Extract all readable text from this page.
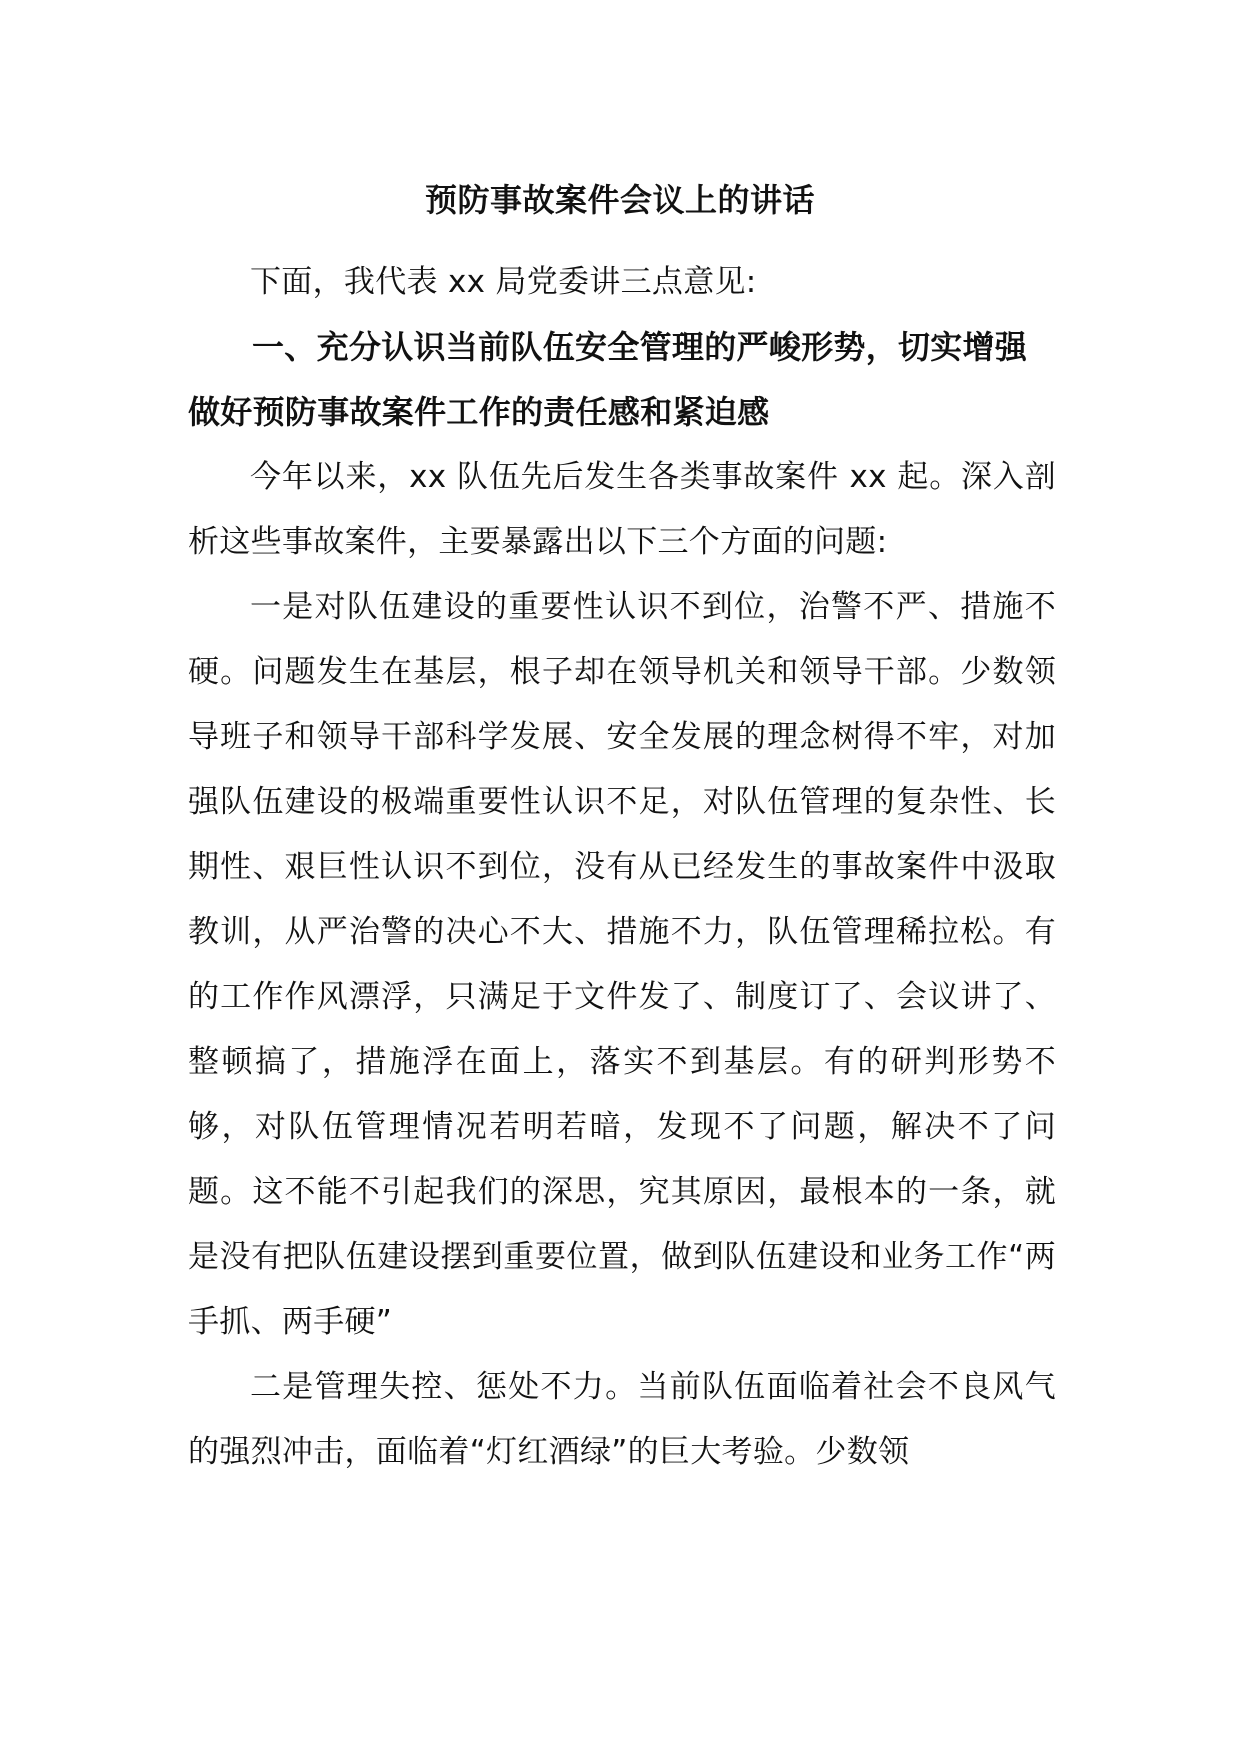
预防事故案件会议上的讲话

下面，我代表 xx 局党委讲三点意见:

一、充分认识当前队伍安全管理的严峻形势，切实增强做好预防事故案件工作的责任感和紧迫感

今年以来，xx 队伍先后发生各类事故案件 xx 起。深入剖析这些事故案件，主要暴露出以下三个方面的问题:

一是对队伍建设的重要性认识不到位，治警不严、措施不硬。问题发生在基层，根子却在领导机关和领导干部。少数领导班子和领导干部科学发展、安全发展的理念树得不牢，对加强队伍建设的极端重要性认识不足，对队伍管理的复杂性、长期性、艰巨性认识不到位，没有从已经发生的事故案件中汲取教训，从严治警的决心不大、措施不力，队伍管理稀拉松。有的工作作风漂浮，只满足于文件发了、制度订了、会议讲了、整顿搞了，措施浮在面上，落实不到基层。有的研判形势不够，对队伍管理情况若明若暗，发现不了问题，解决不了问题。这不能不引起我们的深思，究其原因，最根本的一条，就是没有把队伍建设摆到重要位置，做到队伍建设和业务工作“两手抓、两手硬”

二是管理失控、惩处不力。当前队伍面临着社会不良风气的强烈冲击，面临着“灯红酒绿”的巨大考验。少数领
